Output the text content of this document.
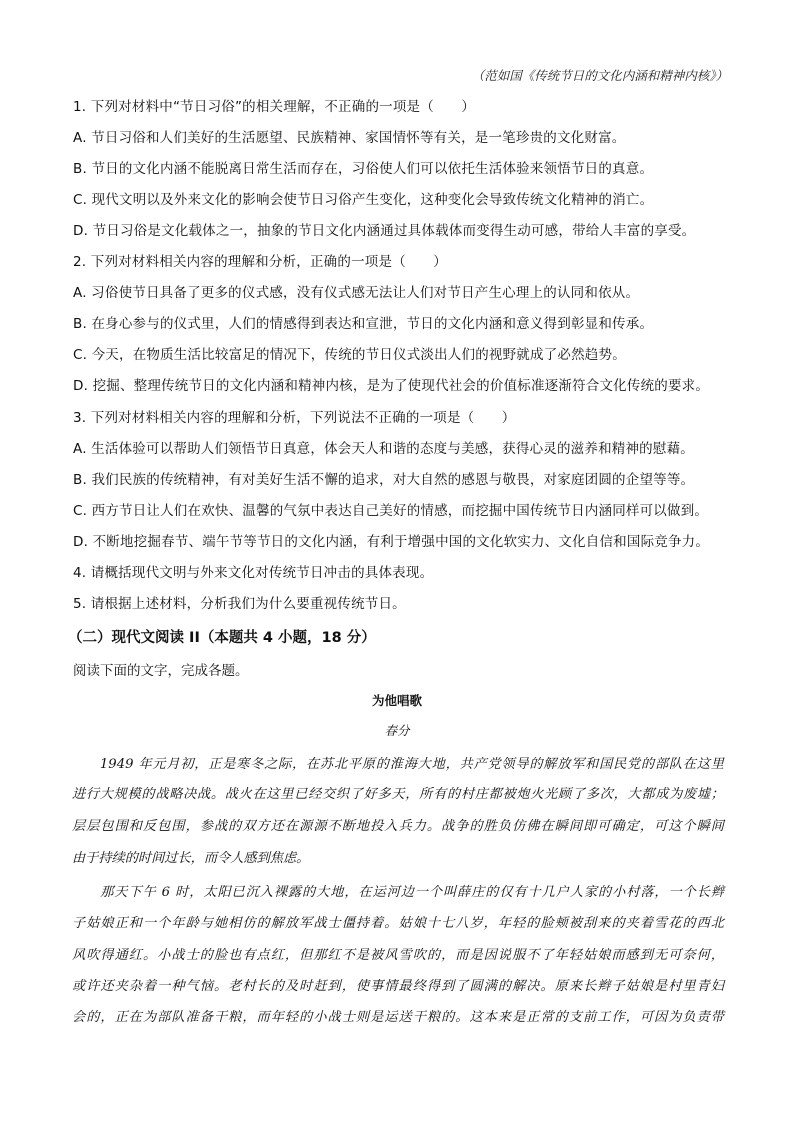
（范如国《传统节日的文化内涵和精神内核》）
1. 下列对材料中“节日习俗”的相关理解，不正确的一项是（　　）
A. 节日习俗和人们美好的生活愿望、民族精神、家国情怀等有关，是一笔珍贵的文化财富。
B. 节日的文化内涵不能脱离日常生活而存在，习俗使人们可以依托生活体验来领悟节日的真意。
C. 现代文明以及外来文化的影响会使节日习俗产生变化，这种变化会导致传统文化精神的消亡。
D. 节日习俗是文化载体之一，抽象的节日文化内涵通过具体载体而变得生动可感，带给人丰富的享受。
2. 下列对材料相关内容的理解和分析，正确的一项是（　　）
A. 习俗使节日具备了更多的仪式感，没有仪式感无法让人们对节日产生心理上的认同和依从。
B. 在身心参与的仪式里，人们的情感得到表达和宣泄，节日的文化内涵和意义得到彰显和传承。
C. 今天，在物质生活比较富足的情况下，传统的节日仪式淡出人们的视野就成了必然趋势。
D. 挖掘、整理传统节日的文化内涵和精神内核，是为了使现代社会的价值标准逐渐符合文化传统的要求。
3. 下列对材料相关内容的理解和分析，下列说法不正确的一项是（　　）
A. 生活体验可以帮助人们领悟节日真意，体会天人和谐的态度与美感，获得心灵的滋养和精神的慰藉。
B. 我们民族的传统精神，有对美好生活不懈的追求，对大自然的感恩与敬畏，对家庭团圆的企望等等。
C. 西方节日让人们在欢快、温馨的气氛中表达自己美好的情感，而挖掘中国传统节日内涵同样可以做到。
D. 不断地挖掘春节、端午节等节日的文化内涵，有利于增强中国的文化软实力、文化自信和国际竞争力。
4. 请概括现代文明与外来文化对传统节日冲击的具体表现。
5. 请根据上述材料，分析我们为什么要重视传统节日。
（二）现代文阅读 II（本题共 4 小题，18 分）
阅读下面的文字，完成各题。
为他唱歌
春分
　　1949 年元月初，正是寒冬之际，在苏北平原的淮海大地，共产党领导的解放军和国民党的部队在这里
进行大规模的战略决战。战火在这里已经交织了好多天，所有的村庄都被炮火光顾了多次，大都成为废墟；
层层包围和反包围，参战的双方还在源源不断地投入兵力。战争的胜负仿佛在瞬间即可确定，可这个瞬间
由于持续的时间过长，而令人感到焦虑。
　　那天下午 6 时，太阳已沉入裸露的大地，在运河边一个叫薛庄的仅有十几户人家的小村落，一个长辫
子姑娘正和一个年龄与她相仿的解放军战士僵持着。姑娘十七八岁，年轻的脸颊被刮来的夹着雪花的西北
风吹得通红。小战士的脸也有点红，但那红不是被风雪吹的，而是因说服不了年轻姑娘而感到无可奈何，
或许还夹杂着一种气恼。老村长的及时赶到，使事情最终得到了圆满的解决。原来长辫子姑娘是村里青妇
会的，正在为部队准备干粮，而年轻的小战士则是运送干粮的。这本来是正常的支前工作，可因为负责带
